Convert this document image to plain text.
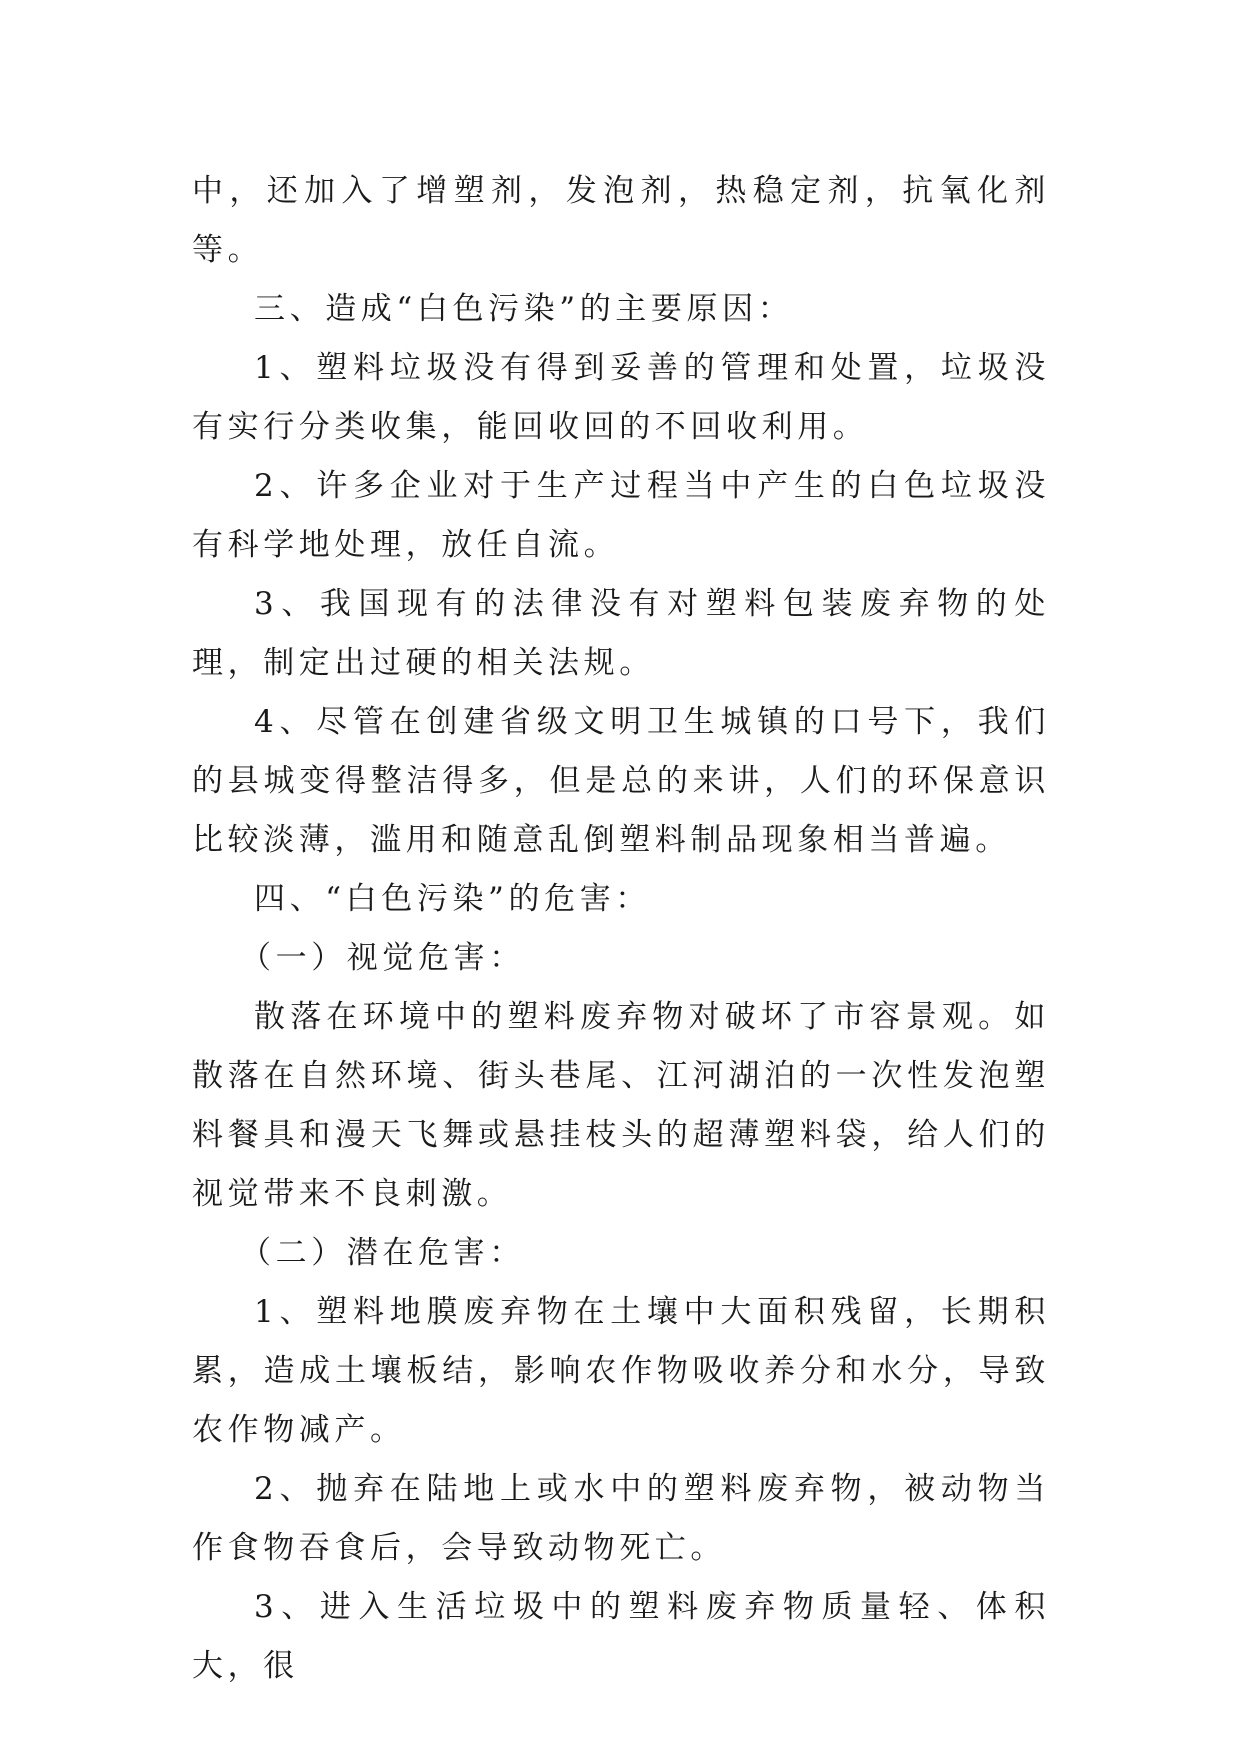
中，还加入了增塑剂，发泡剂，热稳定剂，抗氧化剂等。

三、造成“白色污染”的主要原因：

1、塑料垃圾没有得到妥善的管理和处置，垃圾没有实行分类收集，能回收回的不回收利用。

2、许多企业对于生产过程当中产生的白色垃圾没有科学地处理，放任自流。

3、我国现有的法律没有对塑料包装废弃物的处理，制定出过硬的相关法规。

4、尽管在创建省级文明卫生城镇的口号下，我们的县城变得整洁得多，但是总的来讲，人们的环保意识比较淡薄，滥用和随意乱倒塑料制品现象相当普遍。

四、“白色污染”的危害：

（一）视觉危害：

散落在环境中的塑料废弃物对破坏了市容景观。如散落在自然环境、街头巷尾、江河湖泊的一次性发泡塑料餐具和漫天飞舞或悬挂枝头的超薄塑料袋，给人们的视觉带来不良刺激。

（二）潜在危害：

1、塑料地膜废弃物在土壤中大面积残留，长期积累，造成土壤板结，影响农作物吸收养分和水分，导致农作物减产。

2、抛弃在陆地上或水中的塑料废弃物，被动物当作食物吞食后，会导致动物死亡。

3、进入生活垃圾中的塑料废弃物质量轻、体积大，很
